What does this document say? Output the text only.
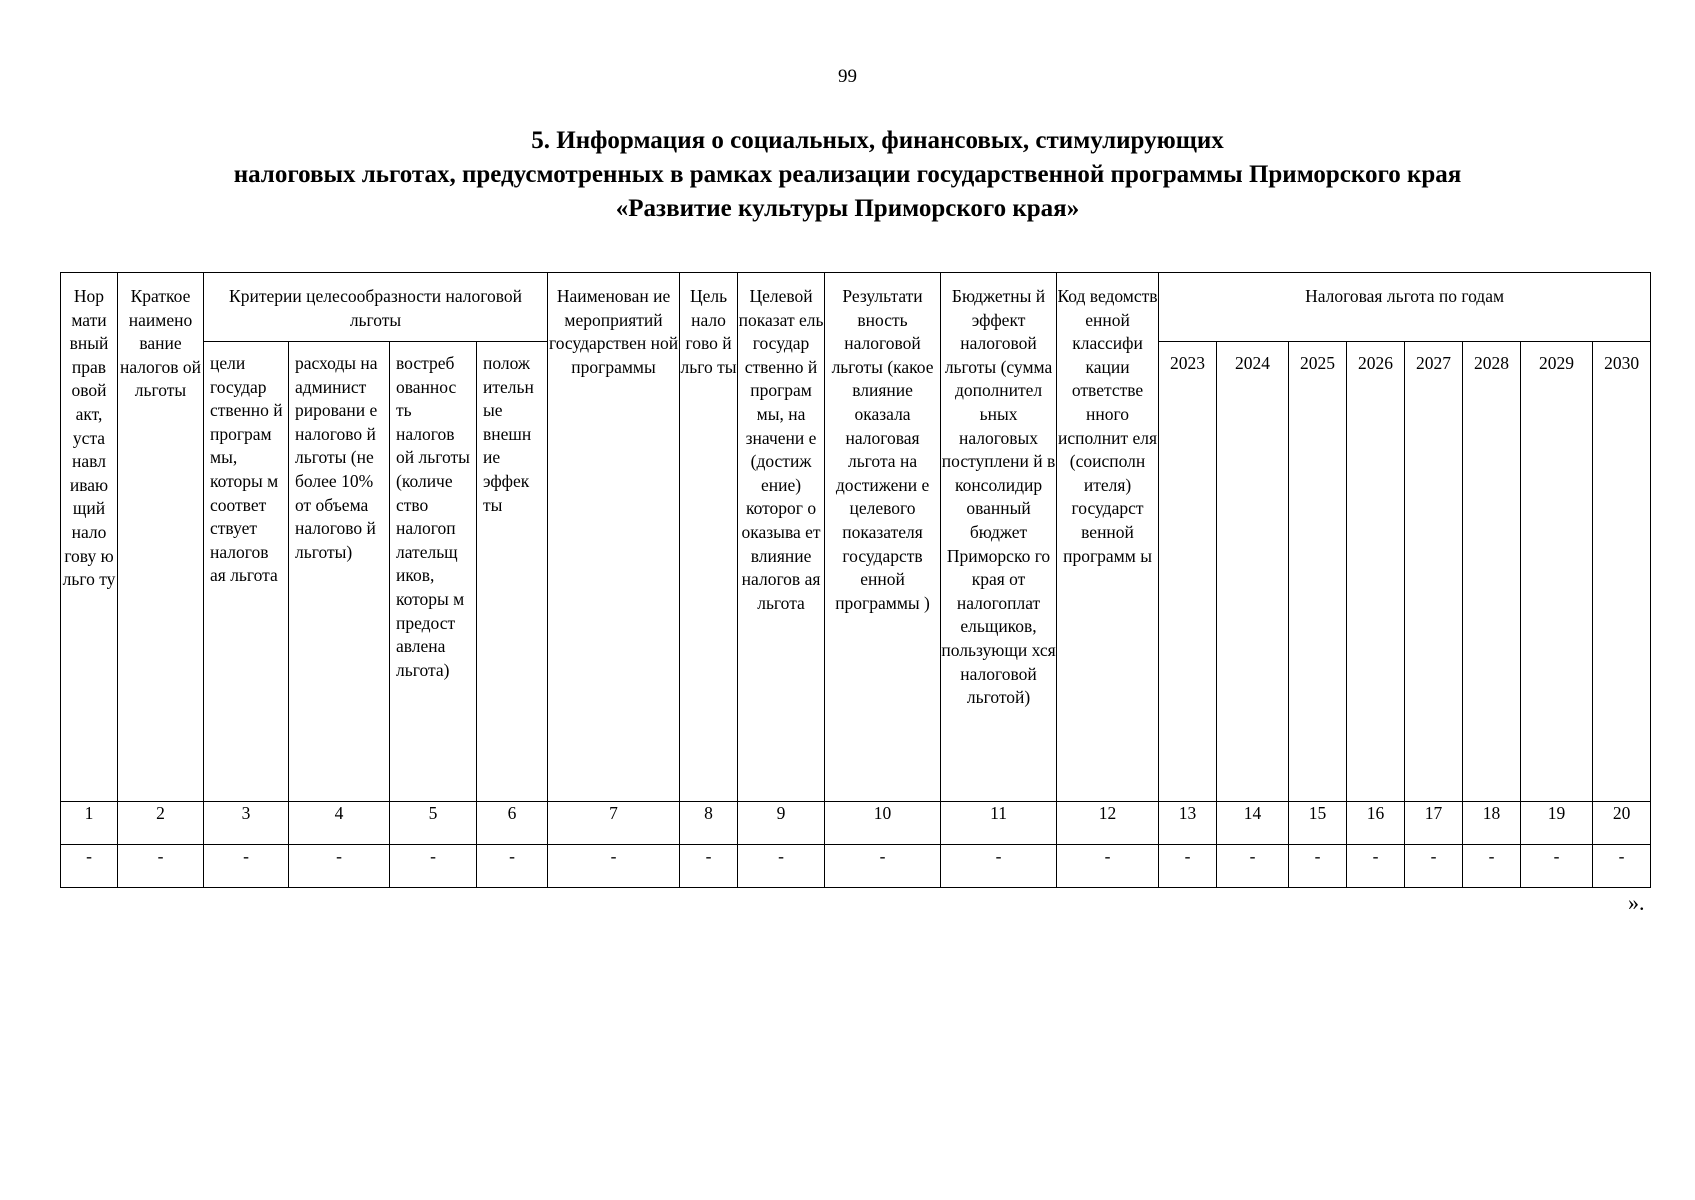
99
5. Информация о социальных, финансовых, стимулирующих
налоговых льготах, предусмотренных в рамках реализации государственной программы Приморского края
«Развитие культуры Приморского края»
Нор мати вный прав овой акт, уста навл иваю щий нало гову ю льго ту	Краткое наимено вание налогов ой льготы	Критерии целесообразности налоговой льготы				Наименован ие мероприятий государствен ной программы	Цель нало гово й льго ты	Целевой показат ель государ ственно й програм мы, на значени е (достиж ение) которог о оказыва ет влияние налогов ая льгота	Результати вность налоговой льготы (какое влияние оказала налоговая льгота на достижени е целевого показателя государств енной программы )	Бюджетны й эффект налоговой льготы (сумма дополнител ьных налоговых поступлени й в консолидир ованный бюджет Приморско го края от налогоплат ельщиков, пользующи хся налоговой льготой)	Код ведомств енной классифи кации ответстве нного исполнит еля (соисполн ителя) государст венной программ ы	Налоговая льгота по годам							
		цели государ ственно й програм мы, которы м соответ ствует налогов ая льгота	расходы на админист рировани е налогово й льготы (не более 10% от объема налогово й льготы)	востреб ованнос ть налогов ой льготы (количе ство налогоп лательщ иков, которы м предост авлена льгота)	полож ительн ые внешн ие эффек ты							2023	2024	2025	2026	2027	2028	2029	2030
1	2	3	4	5	6	7	8	9	10	11	12	13	14	15	16	17	18	19	20
-	-	-	-	-	-	-	-	-	-	-	-	-	-	-	-	-	-	-	-
».
